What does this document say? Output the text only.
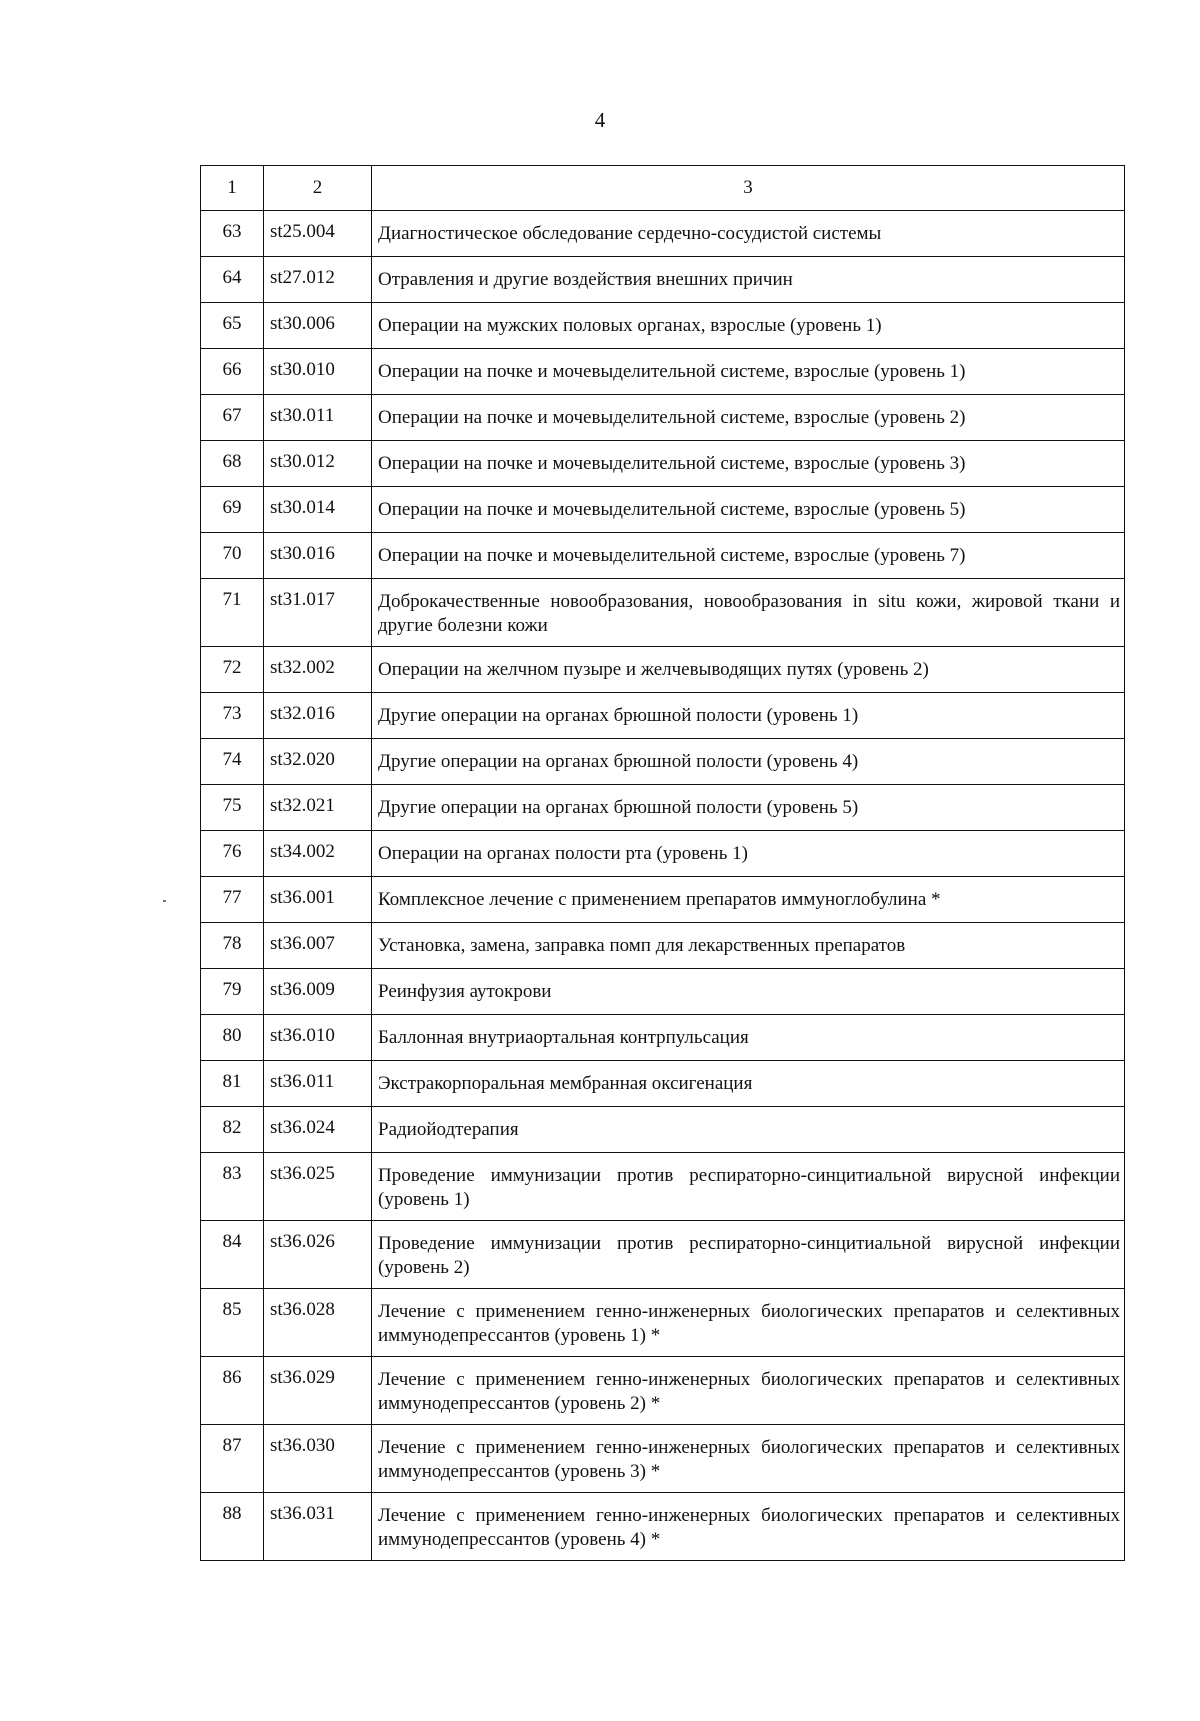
4
1	2	3
63	st25.004	Диагностическое обследование сердечно-сосудистой системы
64	st27.012	Отравления и другие воздействия внешних причин
65	st30.006	Операции на мужских половых органах, взрослые (уровень 1)
66	st30.010	Операции на почке и мочевыделительной системе, взрослые (уровень 1)
67	st30.011	Операции на почке и мочевыделительной системе, взрослые (уровень 2)
68	st30.012	Операции на почке и мочевыделительной системе, взрослые (уровень 3)
69	st30.014	Операции на почке и мочевыделительной системе, взрослые (уровень 5)
70	st30.016	Операции на почке и мочевыделительной системе, взрослые (уровень 7)
71	st31.017	Доброкачественные новообразования, новообразования in situ кожи, жировой ткани и другие болезни кожи
72	st32.002	Операции на желчном пузыре и желчевыводящих путях (уровень 2)
73	st32.016	Другие операции на органах брюшной полости (уровень 1)
74	st32.020	Другие операции на органах брюшной полости (уровень 4)
75	st32.021	Другие операции на органах брюшной полости (уровень 5)
76	st34.002	Операции на органах полости рта (уровень 1)
77	st36.001	Комплексное лечение с применением препаратов иммуноглобулина *
78	st36.007	Установка, замена, заправка помп для лекарственных препаратов
79	st36.009	Реинфузия аутокрови
80	st36.010	Баллонная внутриаортальная контрпульсация
81	st36.011	Экстракорпоральная мембранная оксигенация
82	st36.024	Радиойодтерапия
83	st36.025	Проведение иммунизации против респираторно-синцитиальной вирусной инфекции (уровень 1)
84	st36.026	Проведение иммунизации против респираторно-синцитиальной вирусной инфекции (уровень 2)
85	st36.028	Лечение с применением генно-инженерных биологических препаратов и селективных иммунодепрессантов (уровень 1) *
86	st36.029	Лечение с применением генно-инженерных биологических препаратов и селективных иммунодепрессантов (уровень 2) *
87	st36.030	Лечение с применением генно-инженерных биологических препаратов и селективных иммунодепрессантов (уровень 3) *
88	st36.031	Лечение с применением генно-инженерных биологических препаратов и селективных иммунодепрессантов (уровень 4) *
